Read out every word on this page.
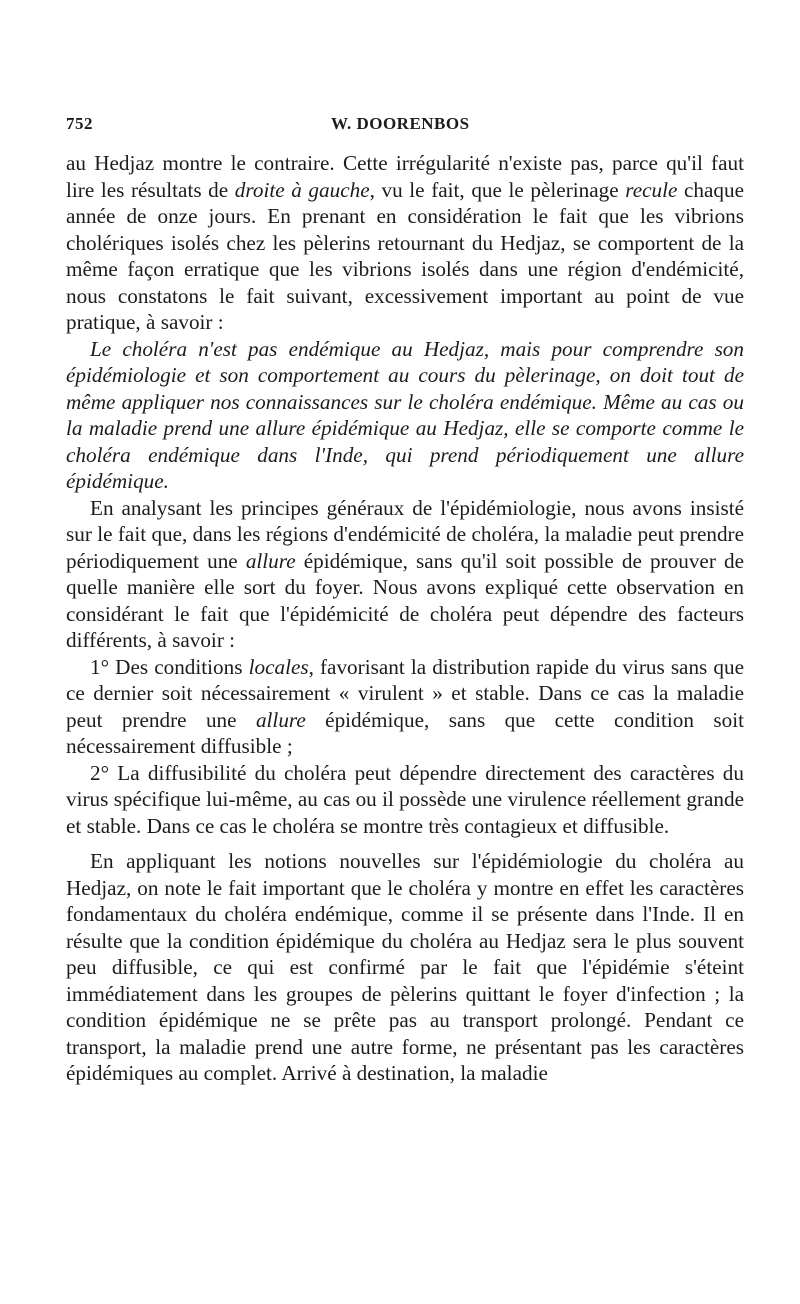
752	W. DOORENBOS

au Hedjaz montre le contraire. Cette irrégularité n'existe pas, parce qu'il faut lire les résultats de droite à gauche, vu le fait, que le pèlerinage recule chaque année de onze jours. En prenant en considération le fait que les vibrions cholériques isolés chez les pèlerins retournant du Hedjaz, se comportent de la même façon erratique que les vibrions isolés dans une région d'endémicité, nous constatons le fait suivant, excessivement important au point de vue pratique, à savoir :

Le choléra n'est pas endémique au Hedjaz, mais pour comprendre son épidémiologie et son comportement au cours du pèlerinage, on doit tout de même appliquer nos connaissances sur le choléra endémique. Même au cas ou la maladie prend une allure épidémique au Hedjaz, elle se comporte comme le choléra endémique dans l'Inde, qui prend périodiquement une allure épidémique.

En analysant les principes généraux de l'épidémiologie, nous avons insisté sur le fait que, dans les régions d'endémicité de choléra, la maladie peut prendre périodiquement une allure épidémique, sans qu'il soit possible de prouver de quelle manière elle sort du foyer. Nous avons expliqué cette observation en considérant le fait que l'épidémicité de choléra peut dépendre des facteurs différents, à savoir :

1° Des conditions locales, favorisant la distribution rapide du virus sans que ce dernier soit nécessairement « virulent » et stable. Dans ce cas la maladie peut prendre une allure épidémique, sans que cette condition soit nécessairement diffusible ;

2° La diffusibilité du choléra peut dépendre directement des caractères du virus spécifique lui-même, au cas ou il possède une virulence réellement grande et stable. Dans ce cas le choléra se montre très contagieux et diffusible.

En appliquant les notions nouvelles sur l'épidémiologie du choléra au Hedjaz, on note le fait important que le choléra y montre en effet les caractères fondamentaux du choléra endémique, comme il se présente dans l'Inde. Il en résulte que la condition épidémique du choléra au Hedjaz sera le plus souvent peu diffusible, ce qui est confirmé par le fait que l'épidémie s'éteint immédiatement dans les groupes de pèlerins quittant le foyer d'infection ; la condition épidémique ne se prête pas au transport prolongé. Pendant ce transport, la maladie prend une autre forme, ne présentant pas les caractères épidémiques au complet. Arrivé à destination, la maladie
